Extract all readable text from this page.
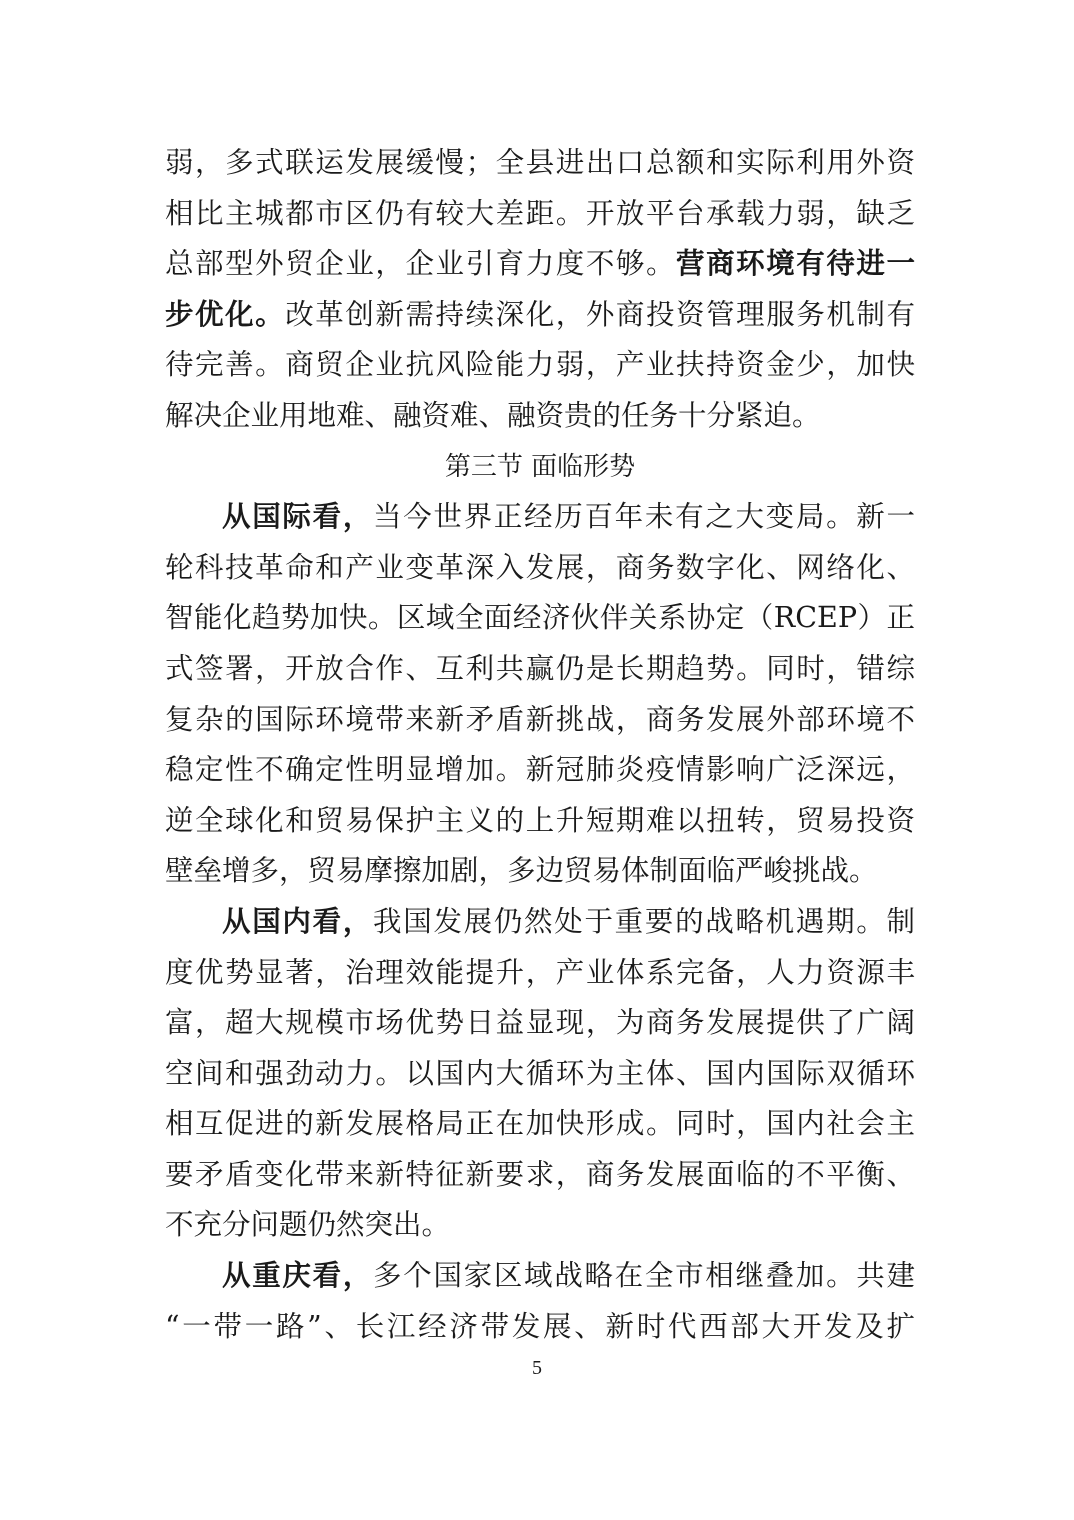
弱，多式联运发展缓慢；全县进出口总额和实际利用外资
相比主城都市区仍有较大差距。开放平台承载力弱，缺乏
总部型外贸企业，企业引育力度不够。营商环境有待进一
步优化。改革创新需持续深化，外商投资管理服务机制有
待完善。商贸企业抗风险能力弱，产业扶持资金少，加快
解决企业用地难、融资难、融资贵的任务十分紧迫。
第三节 面临形势
从国际看，当今世界正经历百年未有之大变局。新一
轮科技革命和产业变革深入发展，商务数字化、网络化、
智能化趋势加快。区域全面经济伙伴关系协定（RCEP）正
式签署，开放合作、互利共赢仍是长期趋势。同时，错综
复杂的国际环境带来新矛盾新挑战，商务发展外部环境不
稳定性不确定性明显增加。新冠肺炎疫情影响广泛深远，
逆全球化和贸易保护主义的上升短期难以扭转，贸易投资
壁垒增多，贸易摩擦加剧，多边贸易体制面临严峻挑战。
从国内看，我国发展仍然处于重要的战略机遇期。制
度优势显著，治理效能提升，产业体系完备，人力资源丰
富，超大规模市场优势日益显现，为商务发展提供了广阔
空间和强劲动力。以国内大循环为主体、国内国际双循环
相互促进的新发展格局正在加快形成。同时，国内社会主
要矛盾变化带来新特征新要求，商务发展面临的不平衡、
不充分问题仍然突出。
从重庆看，多个国家区域战略在全市相继叠加。共建
“一带一路”、长江经济带发展、新时代西部大开发及扩
5
